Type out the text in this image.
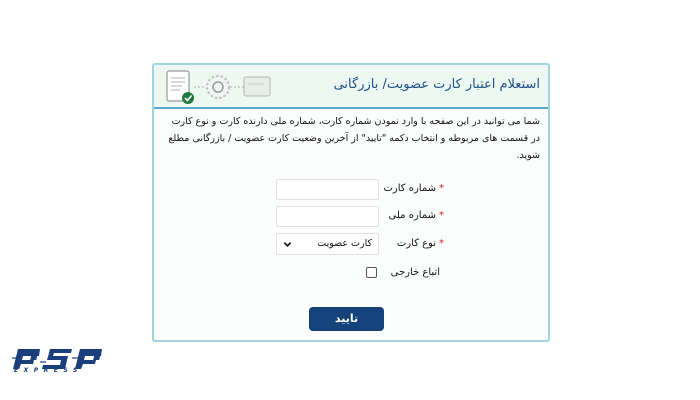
استعلام اعتبار کارت عضویت/ بازرگانی
شما می توانید در این صفحه با وارد نمودن شماره کارت، شماره ملی دارنده کارت و نوع کارت در قسمت های مربوطه و انتخاب دکمه "تایید" از آخرین وضعیت کارت عضویت / بازرگانی مطلع شوید.
*شماره کارت
*شماره ملی
*نوع کارت
کارت عضویت
اتباع خارجی
تایید
EXPRESS
